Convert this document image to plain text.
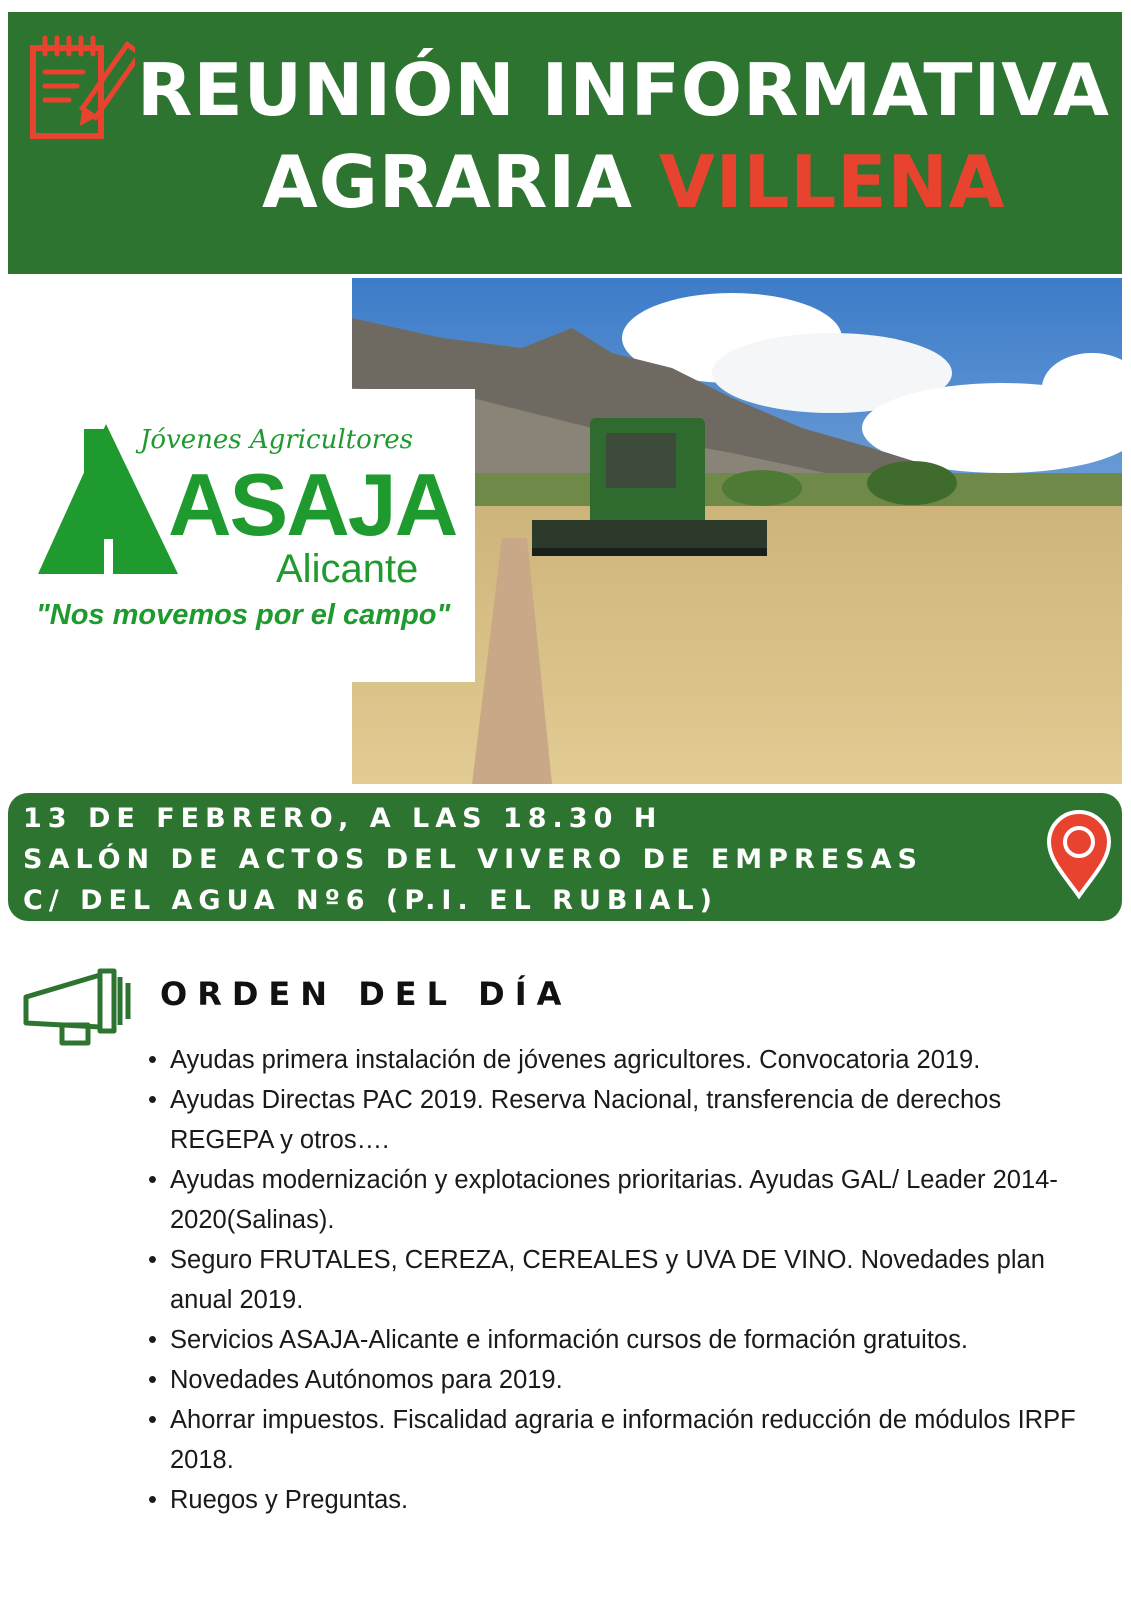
REUNIÓN INFORMATIVA
AGRARIA VILLENA
Jóvenes Agricultores
ASAJA
Alicante
"Nos movemos por el campo"
13 DE FEBRERO, A LAS 18.30 H
SALÓN DE ACTOS DEL VIVERO DE EMPRESAS
C/ DEL AGUA Nº6 (P.I. EL RUBIAL)
ORDEN DEL DÍA
• Ayudas primera instalación de jóvenes agricultores. Convocatoria 2019.
• Ayudas Directas PAC 2019. Reserva Nacional, transferencia de derechos REGEPA y otros….
• Ayudas modernización y explotaciones prioritarias. Ayudas GAL/ Leader 2014-2020(Salinas).
• Seguro FRUTALES, CEREZA, CEREALES y UVA DE VINO. Novedades plan anual 2019.
• Servicios ASAJA-Alicante e información cursos de formación gratuitos.
• Novedades Autónomos para 2019.
• Ahorrar impuestos. Fiscalidad agraria e información reducción de módulos IRPF 2018.
• Ruegos y Preguntas.
